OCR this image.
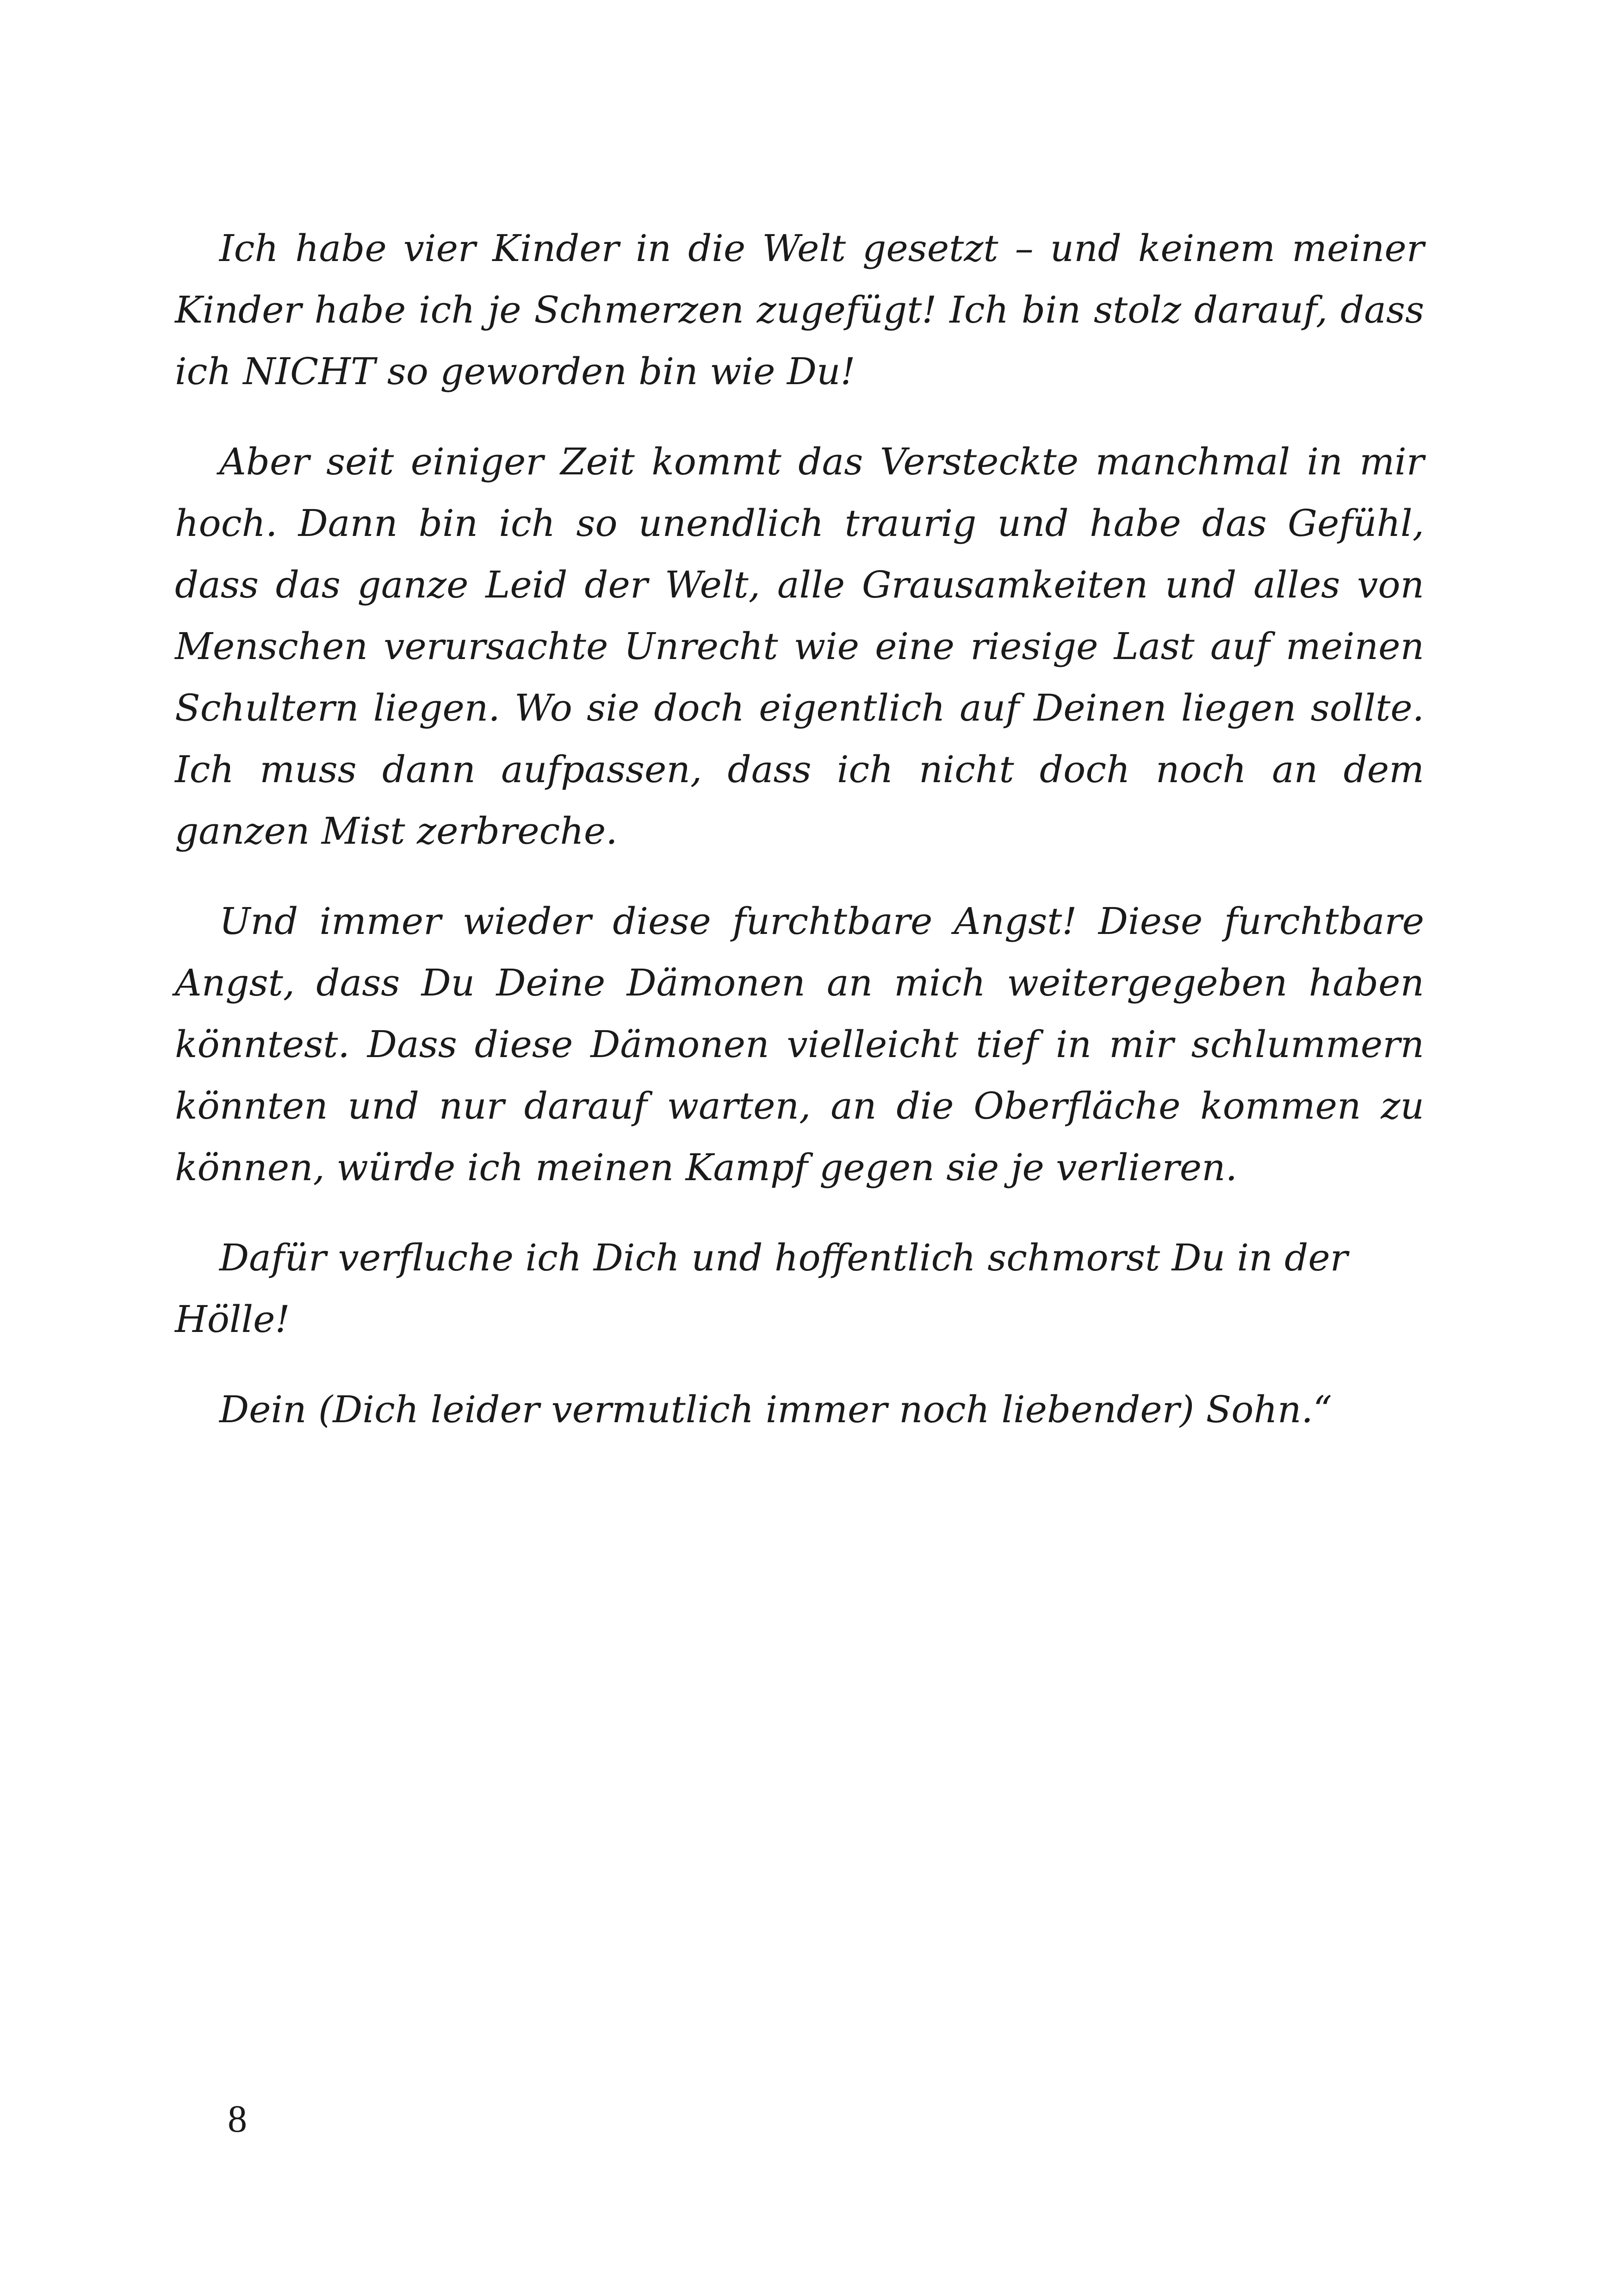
Ich habe vier Kinder in die Welt gesetzt – und keinem meiner Kinder habe ich je Schmerzen zugefügt! Ich bin stolz darauf, dass ich NICHT so geworden bin wie Du!

Aber seit einiger Zeit kommt das Versteckte manchmal in mir hoch. Dann bin ich so unendlich traurig und habe das Gefühl, dass das ganze Leid der Welt, alle Grausamkeiten und alles von Menschen verursachte Unrecht wie eine riesige Last auf meinen Schultern liegen. Wo sie doch eigentlich auf Deinen liegen sollte. Ich muss dann aufpassen, dass ich nicht doch noch an dem ganzen Mist zerbreche.

Und immer wieder diese furchtbare Angst! Diese furchtbare Angst, dass Du Deine Dämonen an mich weitergegeben haben könntest. Dass diese Dämonen vielleicht tief in mir schlummern könnten und nur darauf warten, an die Oberfläche kommen zu können, würde ich meinen Kampf gegen sie je verlieren.

Dafür verfluche ich Dich und hoffentlich schmorst Du in der Hölle!

Dein (Dich leider vermutlich immer noch liebender) Sohn.“

8
